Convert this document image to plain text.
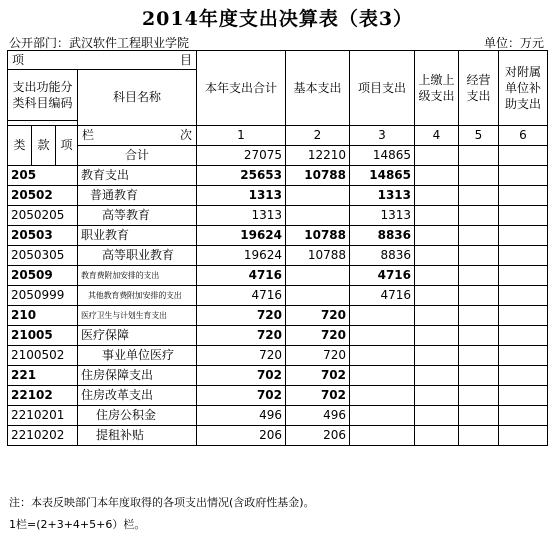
2014年度支出决算表（表3）
公开部门：武汉软件工程职业学院	单位：万元
项 目				本年支出合计	基本支出	项目支出	上缴上级支出	经营支出	对附属单位补助支出
支出功能分类科目编码			科目名称						

类	款	项	栏 次	1	2	3	4	5	6
			合计	27075	12210	14865			
205			教育支出	25653	10788	14865			
20502			普通教育	1313		1313			
2050205			高等教育	1313		1313			
20503			职业教育	19624	10788	8836			
2050305			高等职业教育	19624	10788	8836			
20509			教育费附加安排的支出	4716		4716			
2050999			其他教育费附加安排的支出	4716		4716			
210			医疗卫生与计划生育支出	720	720				
21005			医疗保障	720	720				
2100502			事业单位医疗	720	720				
221			住房保障支出	702	702				
22102			住房改革支出	702	702				
2210201			住房公积金	496	496				
2210202			提租补贴	206	206				
注：本表反映部门本年度取得的各项支出情况(含政府性基金)。
1栏=(2+3+4+5+6）栏。
